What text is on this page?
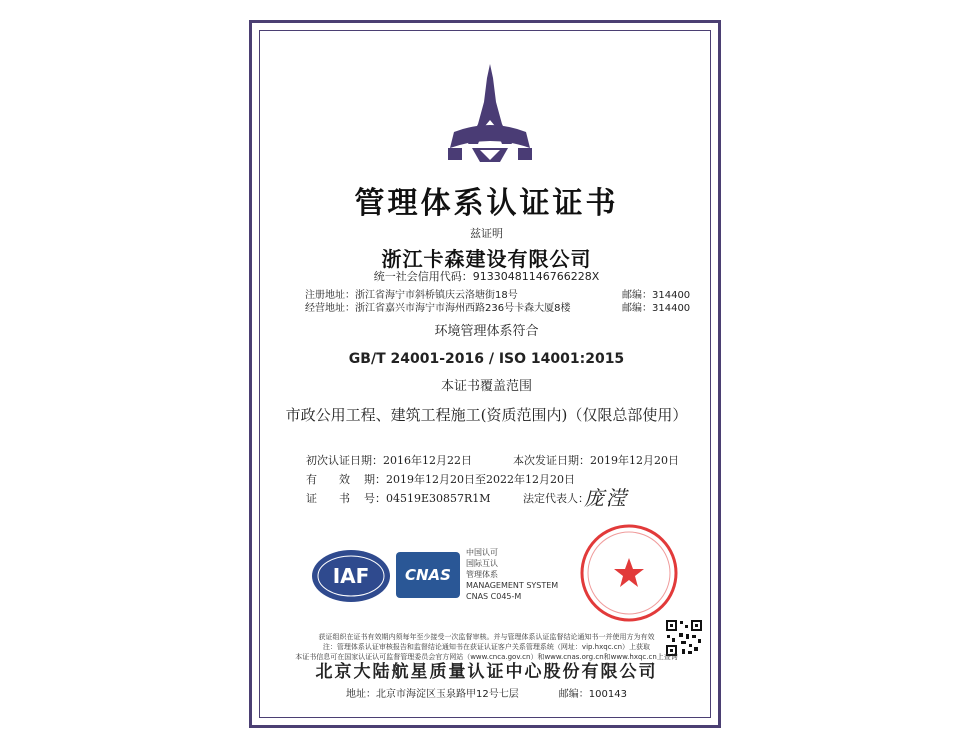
管理体系认证证书
兹证明
浙江卡森建设有限公司
统一社会信用代码：91330481146766228X
注册地址：浙江省海宁市斜桥镇庆云洛塘街18号	邮编：314400
经营地址：浙江省嘉兴市海宁市海州西路236号卡森大厦8楼	邮编：314400
环境管理体系符合
GB/T 24001-2016 / ISO 14001:2015
本证书覆盖范围
市政公用工程、建筑工程施工(资质范围内)（仅限总部使用）
初次认证日期：2016年12月22日	本次发证日期：2019年12月20日
有 效 期：2019年12月20日至2022年12月20日
证 书 号：04519E30857R1M	法定代表人：
庞滢
IAF	CNAS
中国认可
国际互认
管理体系
MANAGEMENT SYSTEM
CNAS C045-M
获证组织在证书有效期内须每年至少接受一次监督审核。并与管理体系认证监督结论通知书一并使用方为有效
注：管理体系认证审核报告和监督结论通知书在获证认证客户关系管理系统（网址：vip.hxqc.cn）上获取
本证书信息可在国家认证认可监督管理委员会官方网站（www.cnca.gov.cn）和www.cnas.org.cn和www.hxqc.cn上查询
北京大陆航星质量认证中心股份有限公司
地址：北京市海淀区玉泉路甲12号七层	邮编：100143
